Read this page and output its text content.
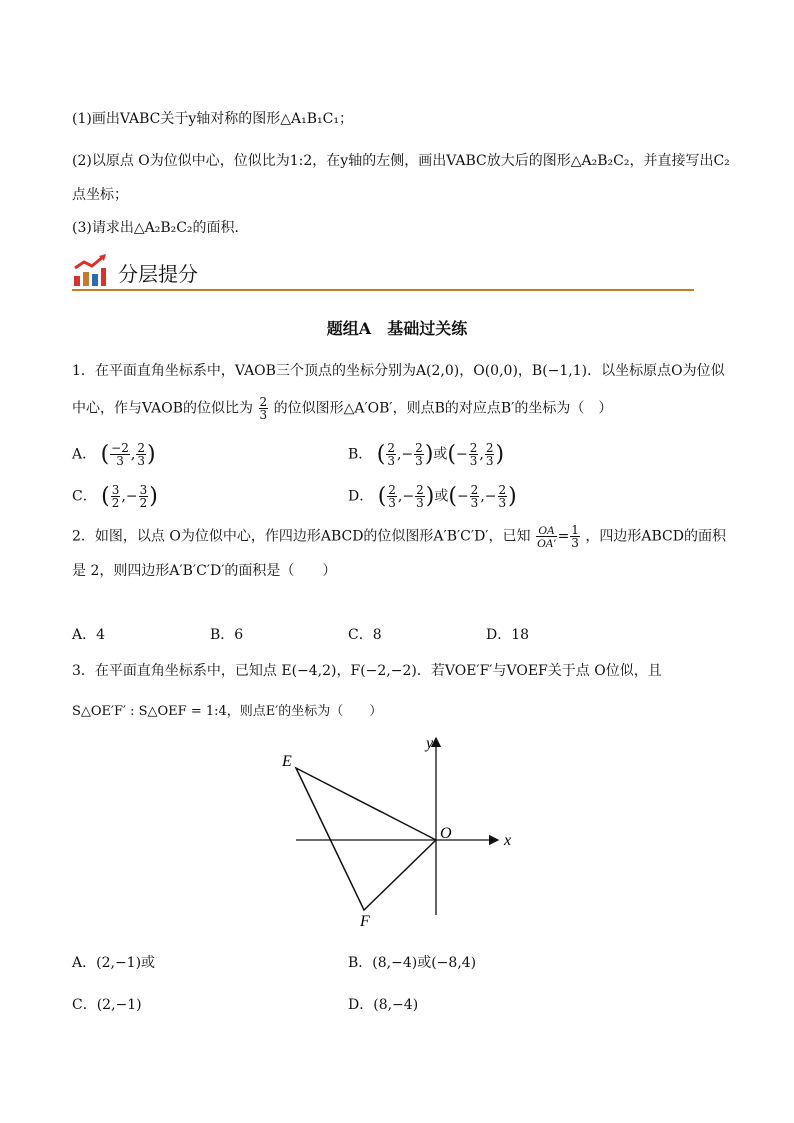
(1)画出VABC关于y轴对称的图形△A₁B₁C₁；
(2)以原点 O为位似中心，位似比为1:2，在y轴的左侧，画出VABC放大后的图形△A₂B₂C₂，并直接写出C₂
点坐标；
(3)请求出△A₂B₂C₂的面积．
分层提分
题组A　基础过关练
1．在平面直角坐标系中，VAOB三个顶点的坐标分别为A(2,0)，O(0,0)，B(−1,1)．以坐标原点O为位似
中心，作与VAOB的位似比为 $\frac{2}{3}$ 的位似图形△A′OB′，则点B的对应点B′的坐标为（　）
A． ( $\frac{-2}{3}$ , $\frac{2}{3}$ )	B． ( $\frac{2}{3}$ ,− $\frac{2}{3}$ )或(− $\frac{2}{3}$ , $\frac{2}{3}$ )
C． ( $\frac{3}{2}$ ,− $\frac{3}{2}$ )	D． ( $\frac{2}{3}$ ,− $\frac{2}{3}$ )或(− $\frac{2}{3}$ ,− $\frac{2}{3}$ )
2．如图，以点 O为位似中心，作四边形ABCD的位似图形A′B′C′D′，已知 $\frac{OA}{OA'} = \frac{1}{3}$ ，四边形ABCD的面积
是 2，则四边形A′B′C′D′的面积是（　　）
A．4	B．6	C．8	D．18
3．在平面直角坐标系中，已知点 E(−4,2)，F(−2,−2)．若VOE′F′与VOEF关于点 O位似，且
S△OE′F′ : S△OEF = 1:4，则点E′的坐标为（　　）
E
F
O	x
y
A．(2,−1)或	B．(8,−4)或(−8,4)
C．(2,−1)	D．(8,−4)
